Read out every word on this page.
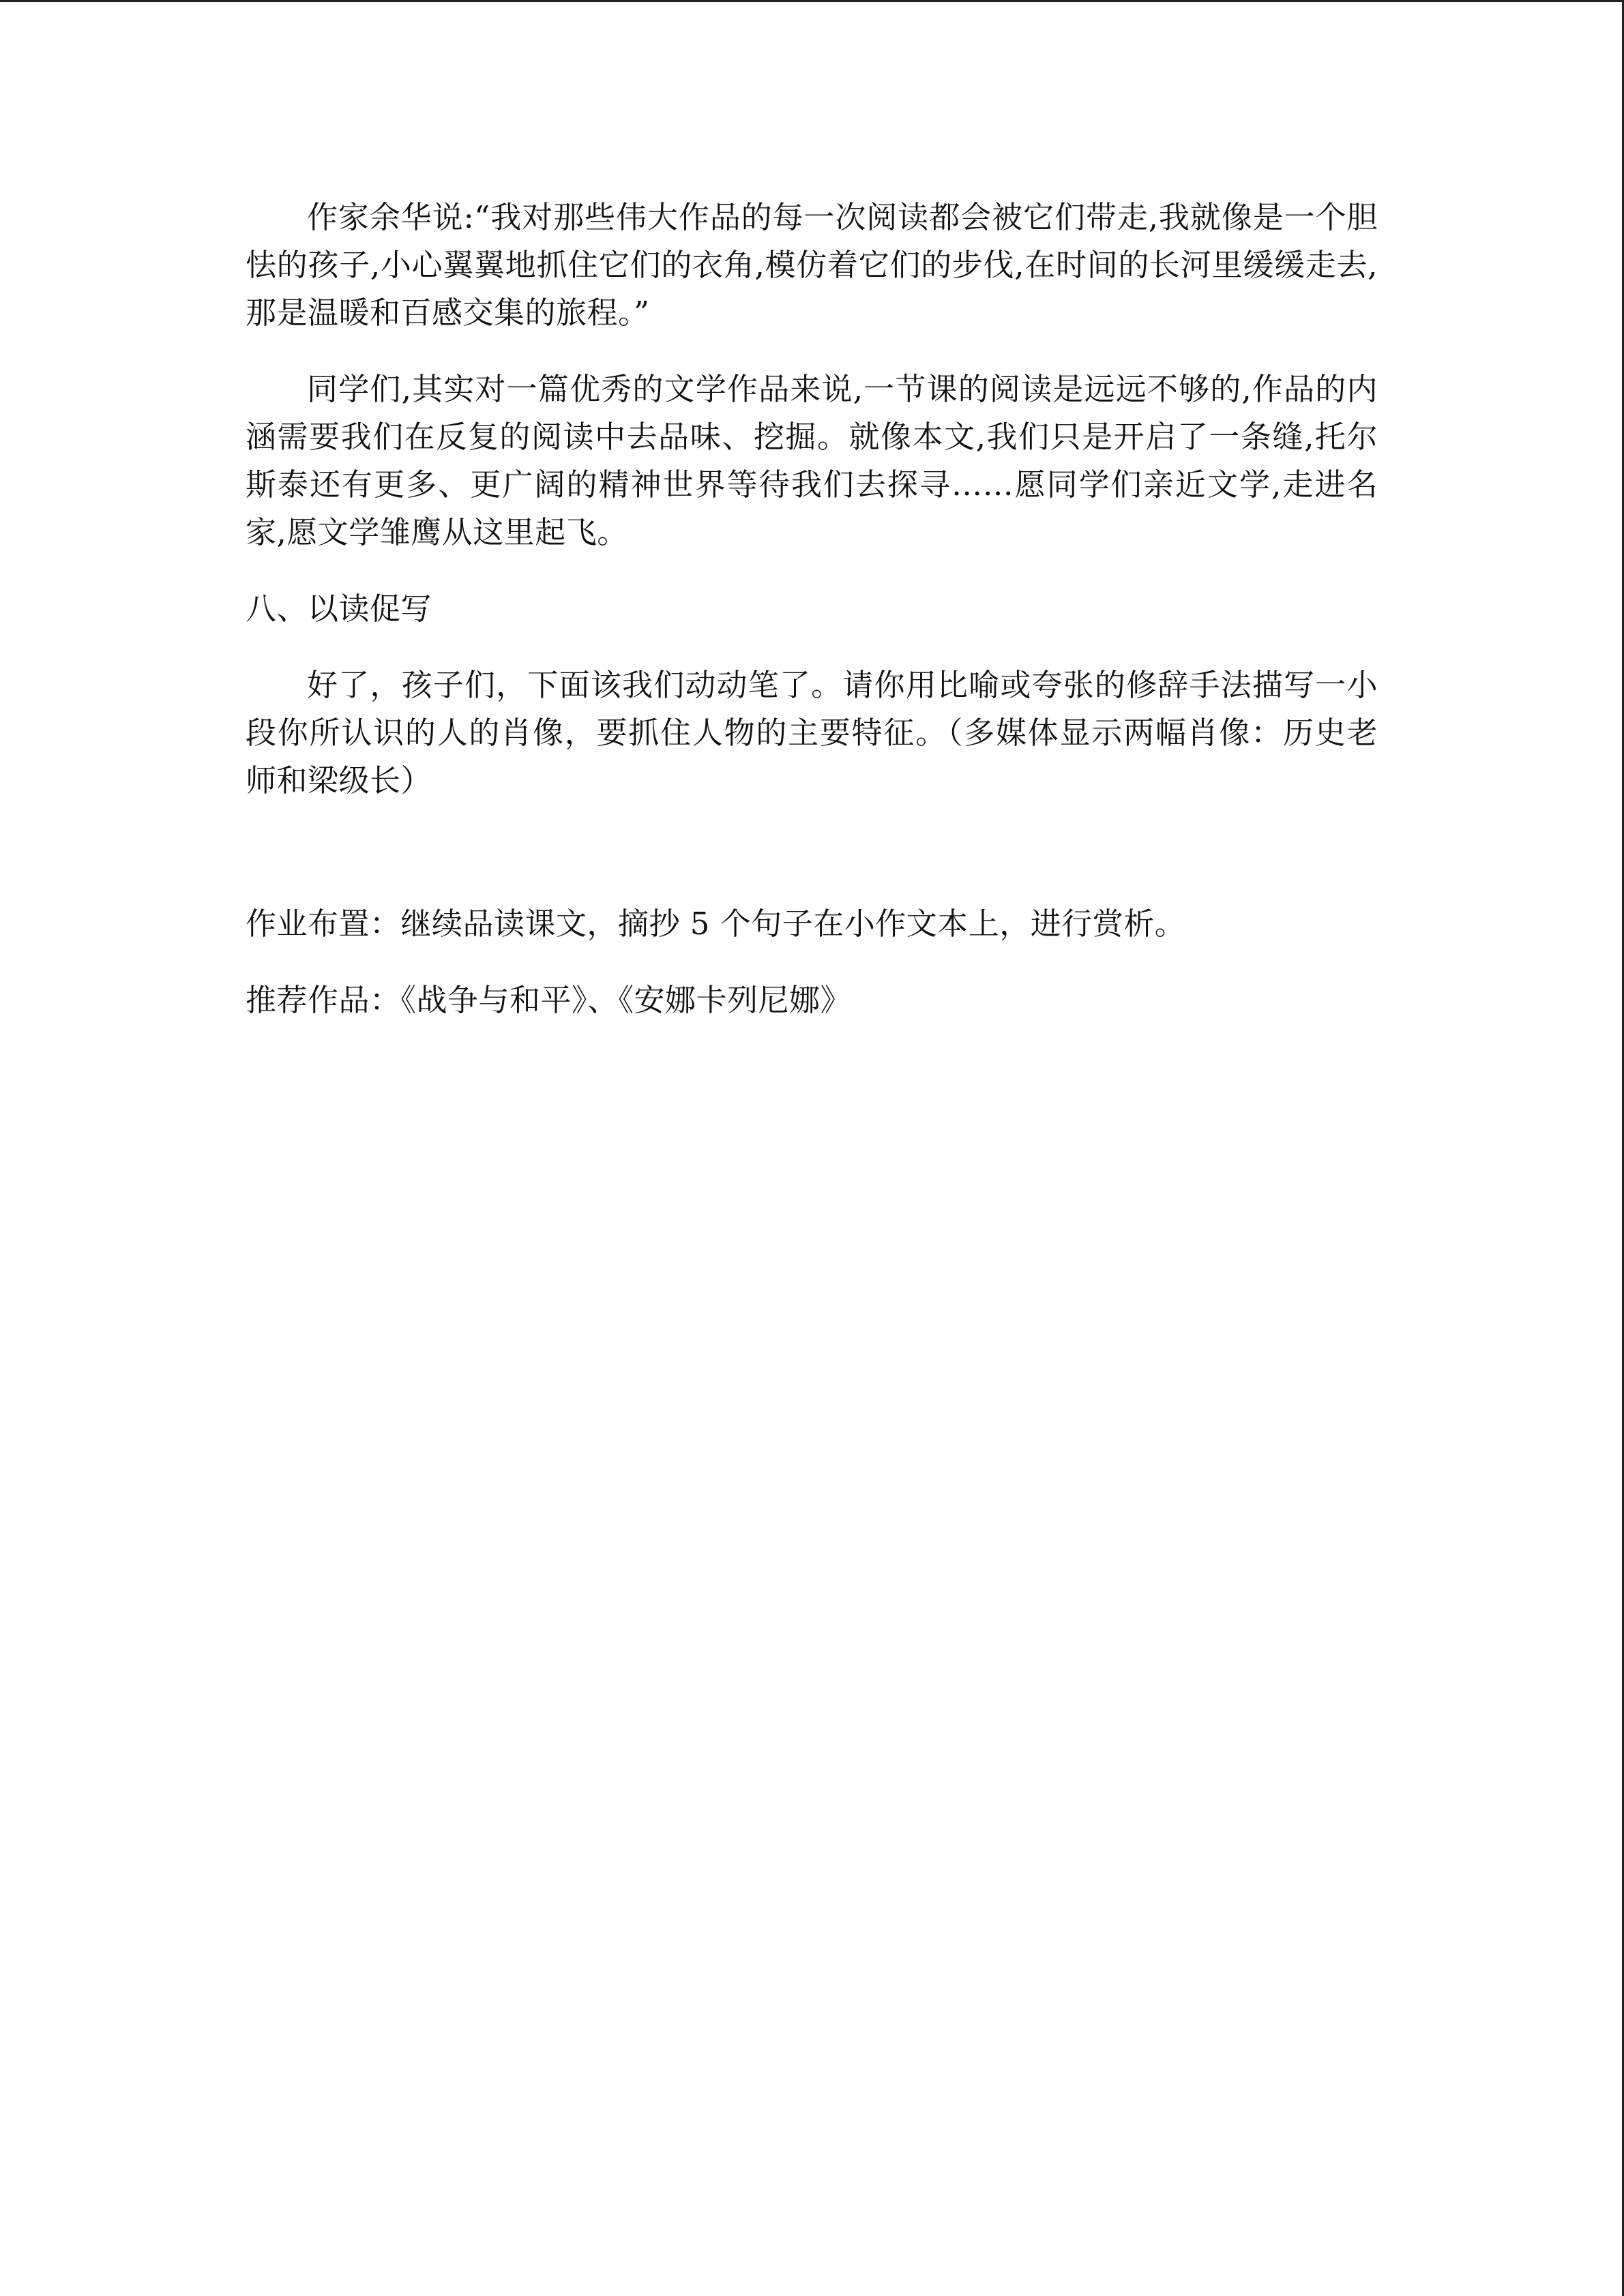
作家余华说:“我对那些伟大作品的每一次阅读都会被它们带走,我就像是一个胆怯的孩子,小心翼翼地抓住它们的衣角,模仿着它们的步伐,在时间的长河里缓缓走去,那是温暖和百感交集的旅程。”

同学们,其实对一篇优秀的文学作品来说,一节课的阅读是远远不够的,作品的内涵需要我们在反复的阅读中去品味、挖掘。就像本文,我们只是开启了一条缝,托尔斯泰还有更多、更广阔的精神世界等待我们去探寻……愿同学们亲近文学,走进名家,愿文学雏鹰从这里起飞。

八、以读促写

好了，孩子们，下面该我们动动笔了。请你用比喻或夸张的修辞手法描写一小段你所认识的人的肖像，要抓住人物的主要特征。（多媒体显示两幅肖像：历史老师和梁级长）

作业布置：继续品读课文，摘抄 5 个句子在小作文本上，进行赏析。

推荐作品：《战争与和平》、《安娜卡列尼娜》
